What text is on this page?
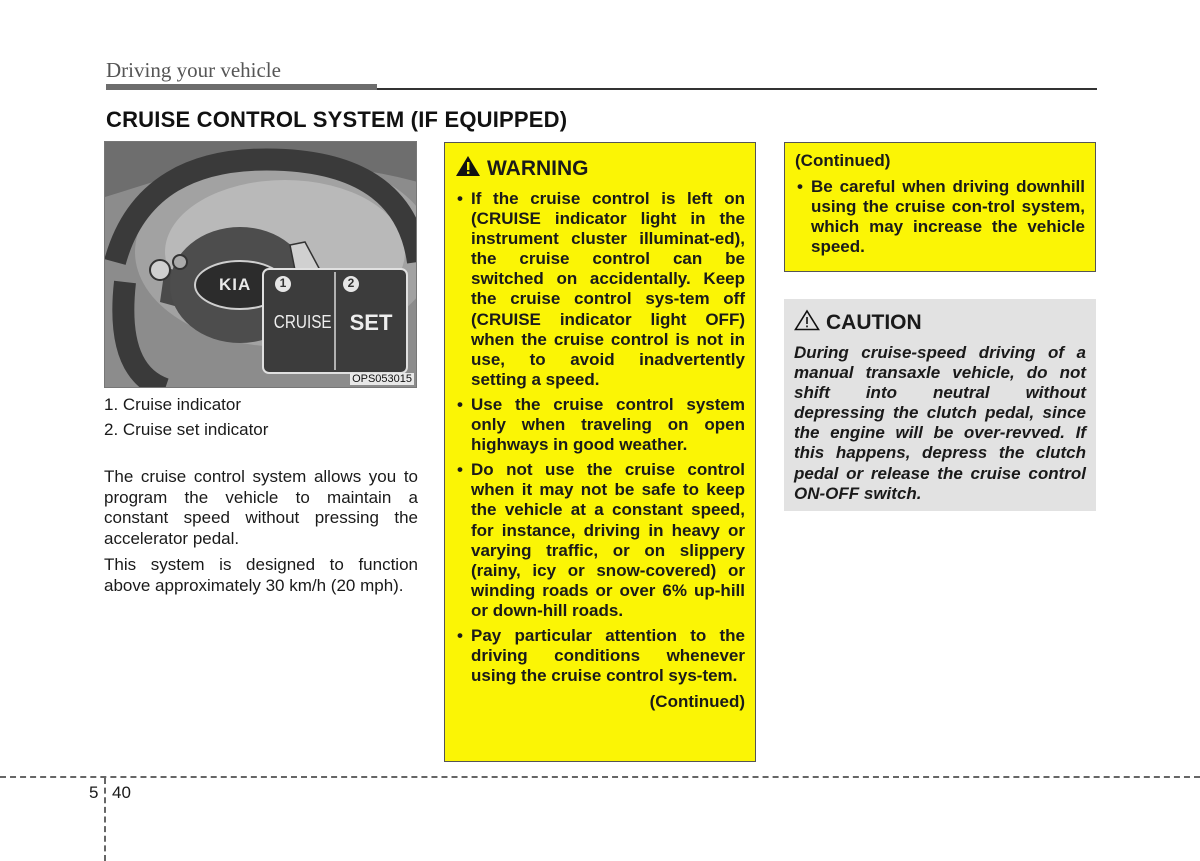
Driving your vehicle
CRUISE CONTROL SYSTEM (IF EQUIPPED)
KIA 1	2
CRUISE SET
OPS053015

1. Cruise indicator

2. Cruise set indicator

The cruise control system allows you to program the vehicle to maintain a constant speed without pressing the accelerator pedal.

This system is designed to function above approximately 30 km/h (20 mph).

WARNING
• If the cruise control is left on (CRUISE indicator light in the instrument cluster illuminat-ed), the cruise control can be switched on accidentally. Keep the cruise control sys-tem off (CRUISE indicator light OFF) when the cruise control is not in use, to avoid inadvertently setting a speed.
• Use the cruise control system only when traveling on open highways in good weather.
• Do not use the cruise control when it may not be safe to keep the vehicle at a constant speed, for instance, driving in heavy or varying traffic, or on slippery (rainy, icy or snow-covered) or winding roads or over 6% up-hill or down-hill roads.
• Pay particular attention to the driving conditions whenever using the cruise control sys-tem.
(Continued)
(Continued)
• Be careful when driving downhill using the cruise con-trol system, which may increase the vehicle speed.
CAUTION

During cruise-speed driving of a manual transaxle vehicle, do not shift into neutral without depressing the clutch pedal, since the engine will be over-revved. If this happens, depress the clutch pedal or release the cruise control ON-OFF switch.

5 40
